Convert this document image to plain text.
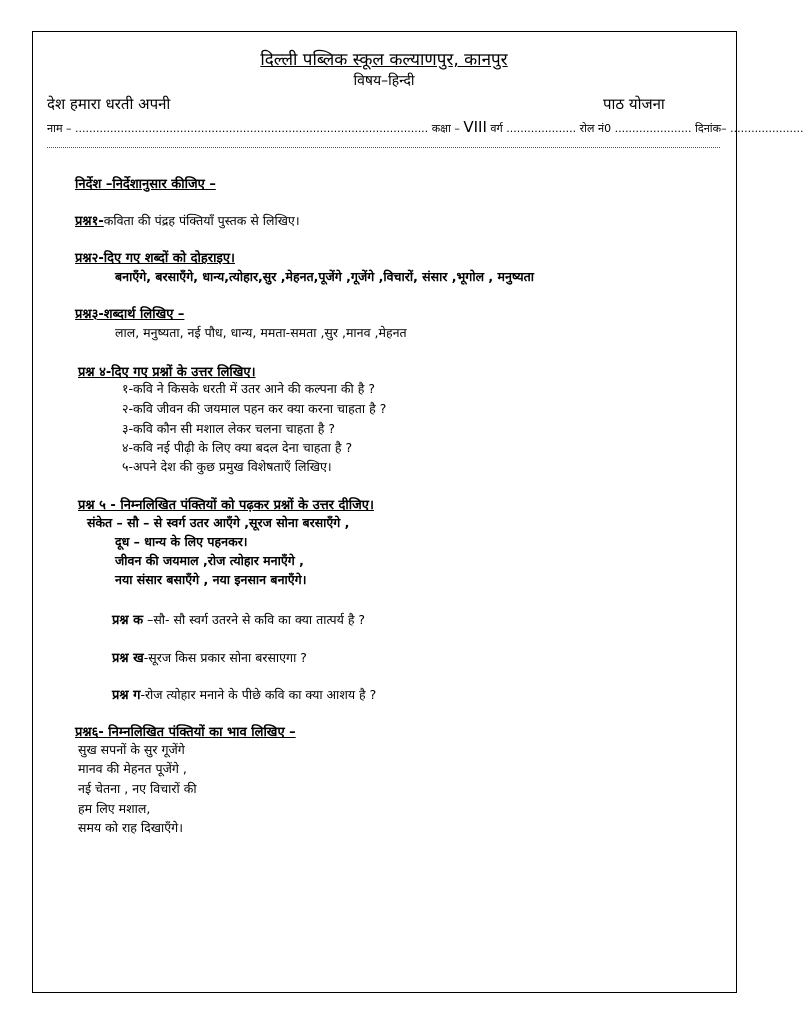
दिल्ली पब्लिक स्कूल कल्याणपुर, कानपुर
विषय–हिन्दी
देश हमारा धरती अपनी	पाठ योजना
नाम – ..................................................................................................... कक्षा – VIII वर्ग .................... रोल नं0 ...................... दिनांक– .....................
निर्देश –निर्देशानुसार कीजिए –
प्रश्न१-कविता की पंद्रह पंक्तियाँ पुस्तक से लिखिए।
प्रश्न२-दिए गए शब्दों को दोहराइए।
बनाएँगे, बरसाएँगे, धान्य,त्योहार,सुर ,मेहनत,पूजेंगे ,गूजेंगे ,विचारों, संसार ,भूगोल , मनुष्यता
प्रश्न३-शब्दार्थ लिखिए –
लाल, मनुष्यता, नई पौध, धान्य, ममता-समता ,सुर ,मानव ,मेहनत
प्रश्न ४-दिए गए प्रश्नों के उत्तर लिखिए।
१-कवि ने किसके धरती में उतर आने की कल्पना की है ?
२-कवि जीवन की जयमाल पहन कर क्या करना चाहता है ?
३-कवि कौन सी मशाल लेकर चलना चाहता है ?
४-कवि नई पीढ़ी के लिए क्या बदल देना चाहता है ?
५-अपने देश की कुछ प्रमुख विशेषताएँ लिखिए।
प्रश्न ५ - निम्नलिखित पंक्तियों को पढ़कर प्रश्नों के उत्तर दीजिए।
संकेत – सौ – से स्वर्ग उतर आएँगे ,सूरज सोना बरसाएँगे ,
दूध – धान्य के लिए पहनकर।
जीवन की जयमाल ,रोज त्योहार मनाएँगे ,
नया संसार बसाएँगे , नया इनसान बनाएँगे।
प्रश्न क –सौ- सौ स्वर्ग उतरने से कवि का क्या तात्पर्य है ?
प्रश्न ख-सूरज किस प्रकार सोना बरसाएगा ?
प्रश्न ग-रोज त्योहार मनाने के पीछे कवि का क्या आशय है ?
प्रश्न६- निम्नलिखित पंक्तियों का भाव लिखिए –
सुख सपनों के सुर गूजेंगे
मानव की मेहनत पूजेंगे ,
नई चेतना , नए विचारों की
हम लिए मशाल,
समय को राह दिखाएँगे।
